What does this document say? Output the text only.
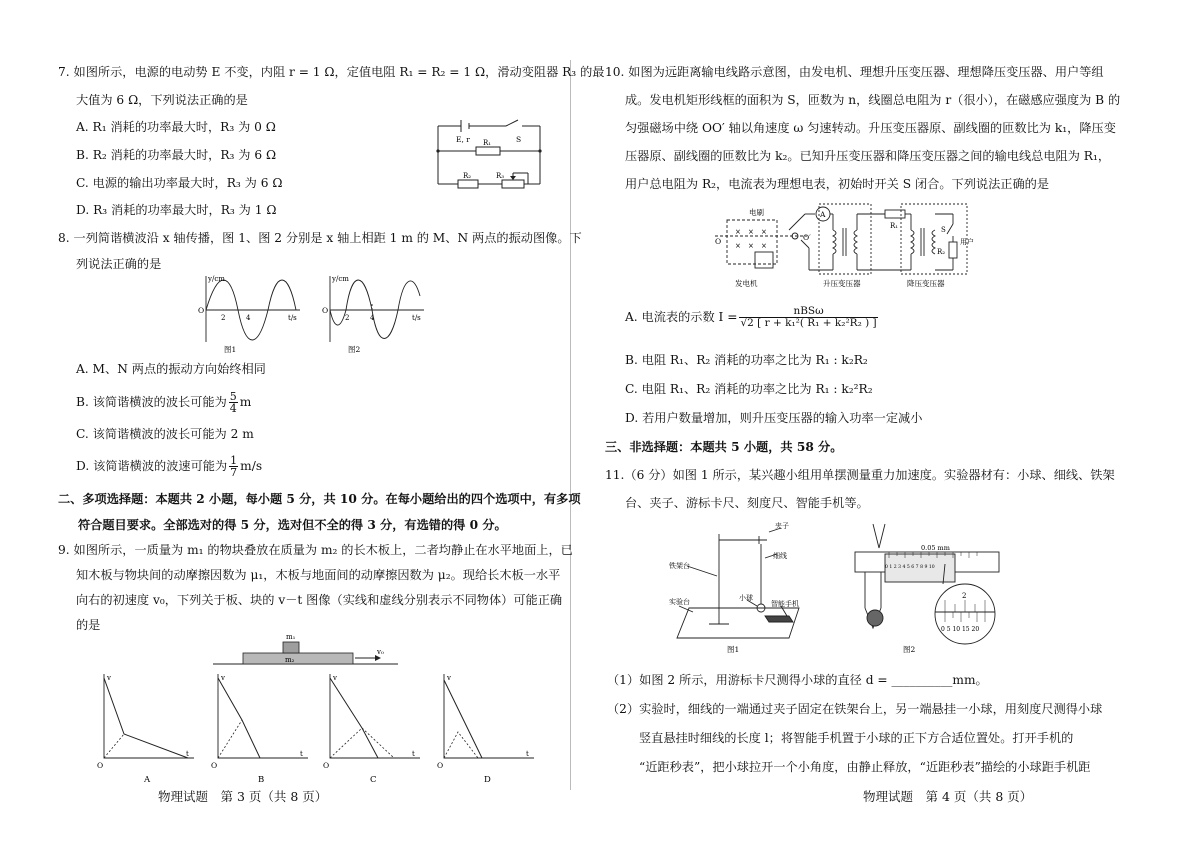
7. 如图所示，电源的电动势 E 不变，内阻 r = 1 Ω，定值电阻 R₁ = R₂ = 1 Ω，滑动变阻器 R₃ 的最
大值为 6 Ω，下列说法正确的是
A. R₁ 消耗的功率最大时，R₃ 为 0 Ω
B. R₂ 消耗的功率最大时，R₃ 为 6 Ω
C. 电源的输出功率最大时，R₃ 为 6 Ω
D. R₃ 消耗的功率最大时，R₃ 为 1 Ω
E, r	S
R₁
R₂	R₃
8. 一列简谐横波沿 x 轴传播，图 1、图 2 分别是 x 轴上相距 1 m 的 M、N 两点的振动图像。下
列说法正确的是
y/cm
t/s
O
2	4
图1
y/cm
t/s
O
2	4
图2
A. M、N 两点的振动方向始终相同
B. 该简谐横波的波长可能为 $\frac{5}{4}$ m
C. 该简谐横波的波长可能为 2 m
D. 该简谐横波的波速可能为 $\frac{1}{7} m/s$
二、多项选择题：本题共 2 小题，每小题 5 分，共 10 分。在每小题给出的四个选项中，有多项
符合题目要求。全部选对的得 5 分，选对但不全的得 3 分，有选错的得 0 分。
9. 如图所示，一质量为 m₁ 的物块叠放在质量为 m₂ 的长木板上，二者均静止在水平地面上，已
知木板与物块间的动摩擦因数为 μ₁，木板与地面间的动摩擦因数为 μ₂。现给长木板一水平
向右的初速度 v₀，下列关于板、块的 v－t 图像（实线和虚线分别表示不同物体）可能正确
的是
m₁
m₂
v₀
v
t
O
A
v
t
O
B
v
t
O
C
v
t
O
D
物理试题　第 3 页（共 8 页）
10. 如图为远距离输电线路示意图，由发电机、理想升压变压器、理想降压变压器、用户等组
成。发电机矩形线框的面积为 S，匝数为 n，线圈总电阻为 r（很小），在磁感应强度为 B 的
匀强磁场中绕 OO′ 轴以角速度 ω 匀速转动。升压变压器原、副线圈的匝数比为 k₁，降压变
压器原、副线圈的匝数比为 k₂。已知升压变压器和降压变压器之间的输电线总电阻为 R₁，
用户总电阻为 R₂，电流表为理想电表，初始时开关 S 闭合。下列说法正确的是
× × ×
× × ×
电刷
O	O′
A
R₁	S
R₂
用户
发电机	升压变压器	降压变压器
A. 电流表的示数 $I = \frac{\text{nBSω}}{\text{√2 [ r + k₁²( R₁ + k₂²R₂ ) ]}}$
B. 电阻 R₁、R₂ 消耗的功率之比为 R₁ : k₂R₂
C. 电阻 R₁、R₂ 消耗的功率之比为 R₁ : k₂²R₂
D. 若用户数量增加，则升压变压器的输入功率一定减小
三、非选择题：本题共 5 小题，共 58 分。
11.（6 分）如图 1 所示，某兴趣小组用单摆测量重力加速度。实验器材有：小球、细线、铁架
台、夹子、游标卡尺、刻度尺、智能手机等。
夹子
细线
铁架台
实验台	小球
智能手机
图1
0.05 mm
0 1 2 3 4 5 6 7 8 9 10
2
0 5 10 15 20
图2
（1）如图 2 所示，用游标卡尺测得小球的直径 d = __________mm。
（2）实验时，细线的一端通过夹子固定在铁架台上，另一端悬挂一小球，用刻度尺测得小球
竖直悬挂时细线的长度 l；将智能手机置于小球的正下方合适位置处。打开手机的
“近距秒表”，把小球拉开一个小角度，由静止释放，“近距秒表”描绘的小球距手机距
物理试题　第 4 页（共 8 页）
